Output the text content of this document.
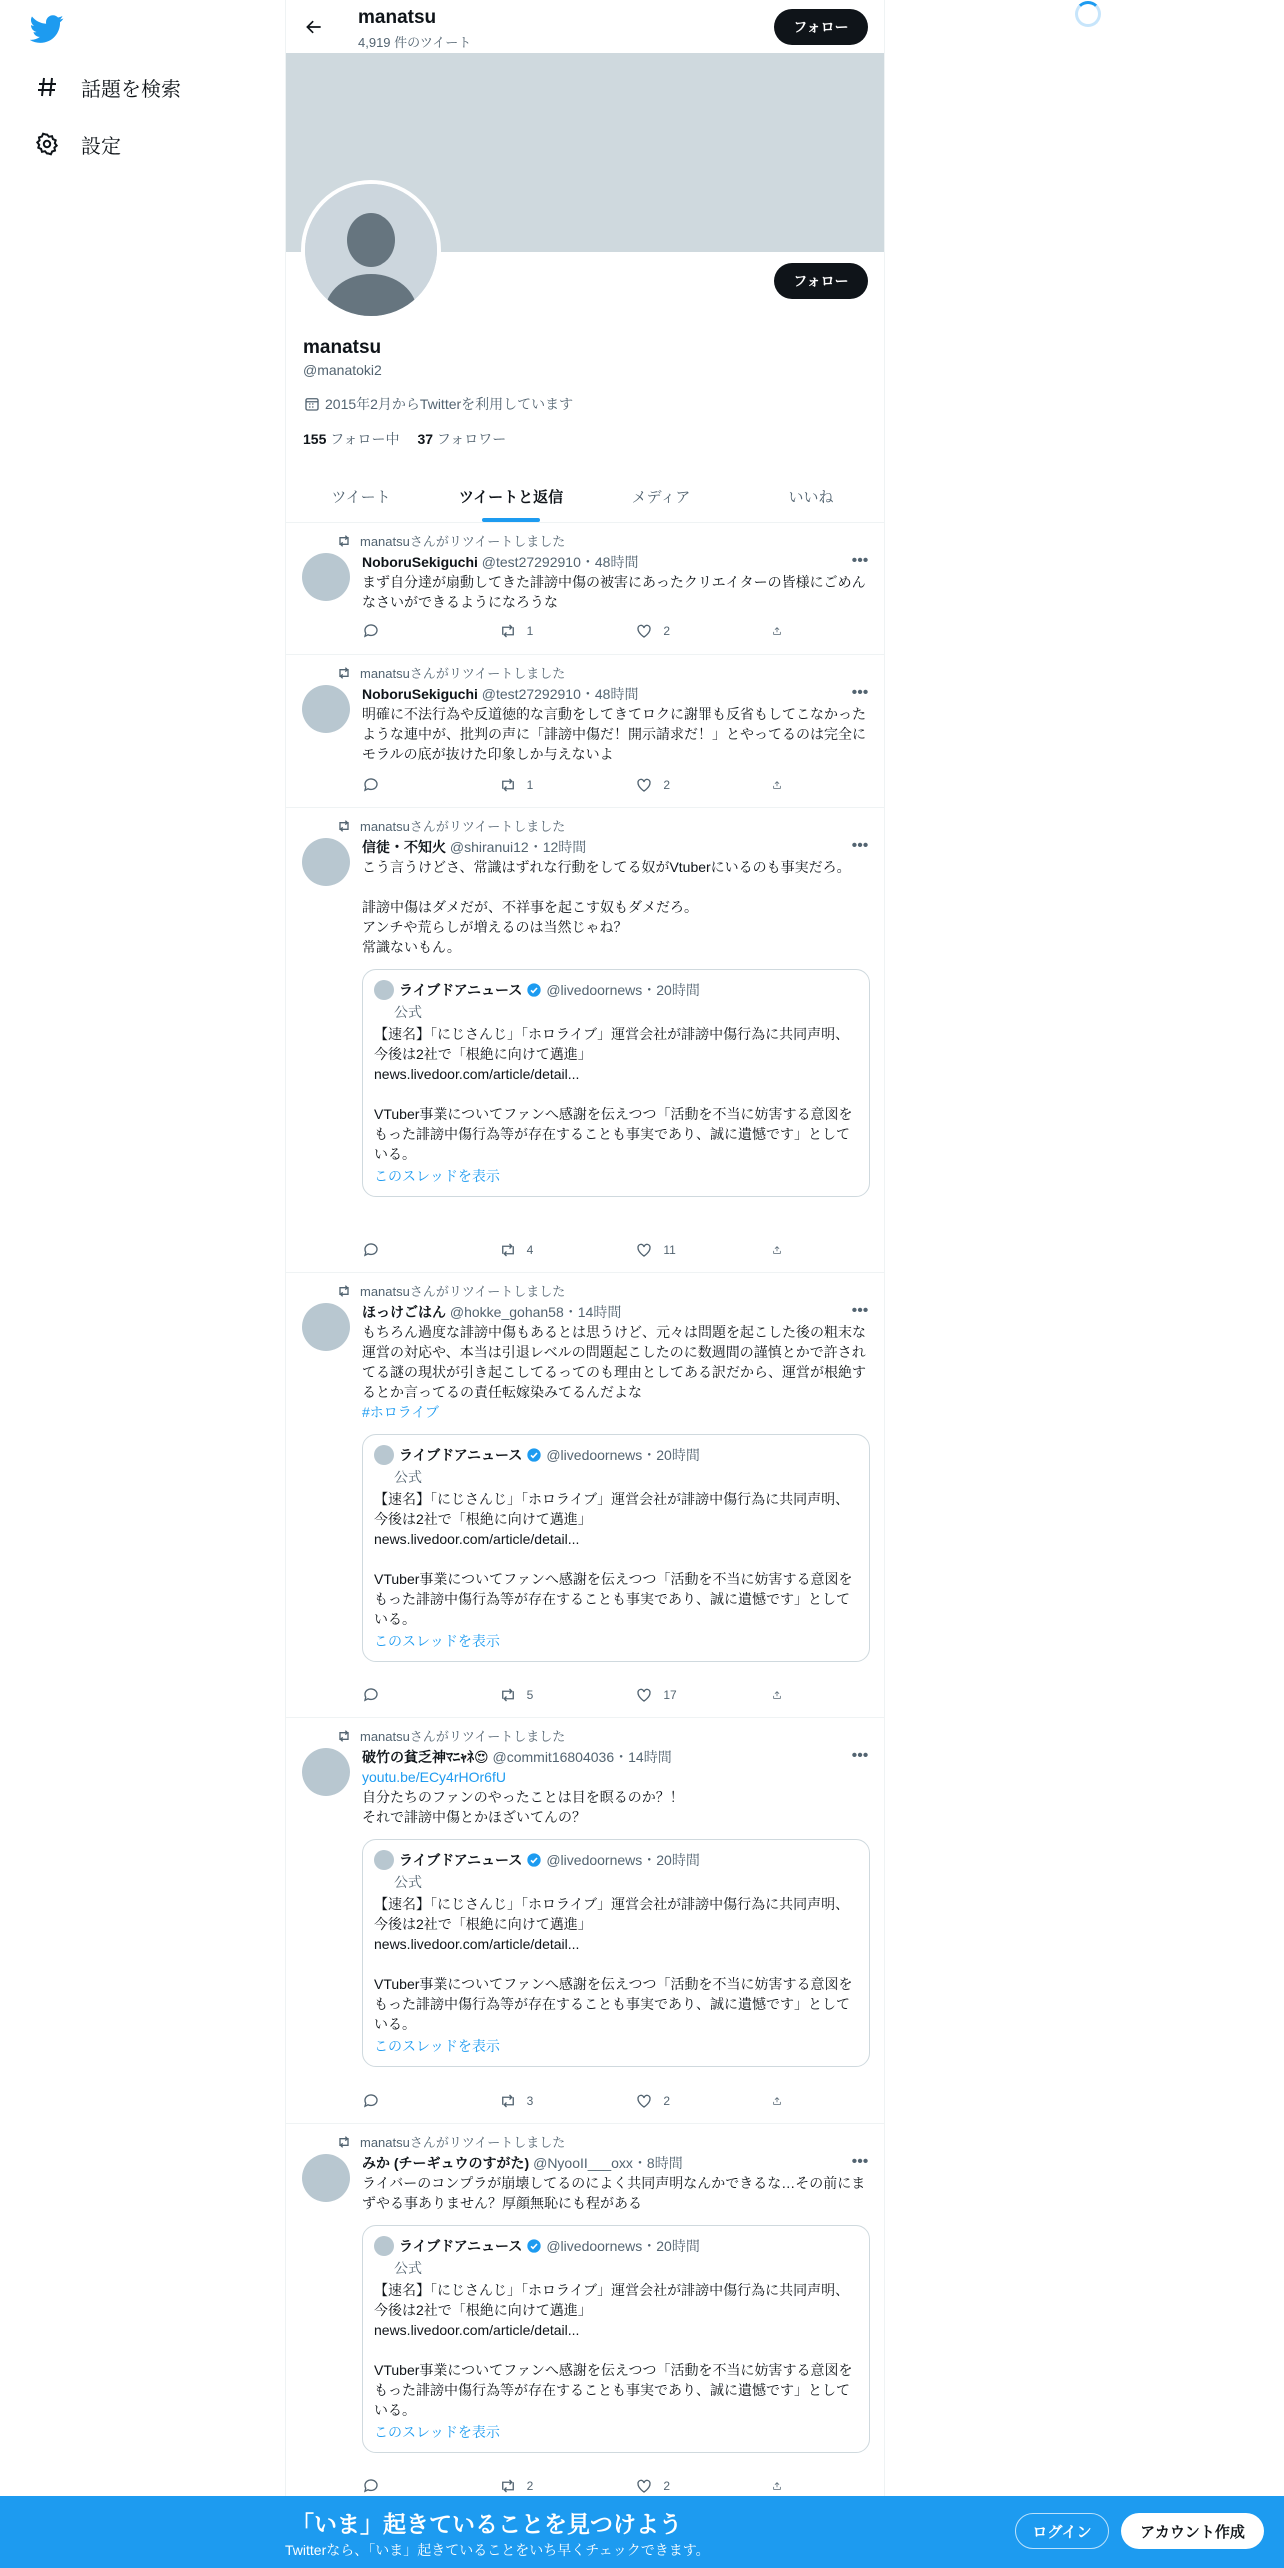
話題を検索
設定
manatsu
4,919 件のツイート
フォロー
フォロー
manatsu
@manatoki2
2015年2月からTwitterを利用しています
155 フォロー中 37 フォロワー
ツイート	ツイートと返信	メディア	いいね
manatsuさんがリツイートしました
NoboruSekiguchi @test27292910・48時間	•••

まず自分達が扇動してきた誹謗中傷の被害にあったクリエイターの皆様にごめんなさいができるようになろうな

1	2
manatsuさんがリツイートしました
NoboruSekiguchi @test27292910・48時間	•••

明確に不法行為や反道徳的な言動をしてきてロクに謝罪も反省もしてこなかったような連中が、批判の声に「誹謗中傷だ！開示請求だ！」とやってるのは完全にモラルの底が抜けた印象しか与えないよ

1	2
manatsuさんがリツイートしました
信徒・不知火 @shiranui12・12時間	•••

こう言うけどさ、常識はずれな行動をしてる奴がVtuberにいるのも事実だろ。

誹謗中傷はダメだが、不祥事を起こす奴もダメだろ。
アンチや荒らしが増えるのは当然じゃね？
常識ないもん。

ライブドアニュース @livedoornews ・20時間
公式
【速名】「にじさんじ」「ホロライブ」運営会社が誹謗中傷行為に共同声明、今後は2社で「根絶に向けて邁進」
news.livedoor.com/article/detail...

VTuber事業についてファンへ感謝を伝えつつ「活動を不当に妨害する意図をもった誹謗中傷行為等が存在することも事実であり、誠に遺憾です」としている。
このスレッドを表示
4	11
manatsuさんがリツイートしました
ほっけごはん @hokke_gohan58・14時間	•••

もちろん過度な誹謗中傷もあるとは思うけど、元々は問題を起こした後の粗末な運営の対応や、本当は引退レベルの問題起こしたのに数週間の謹慎とかで許されてる謎の現状が引き起こしてるってのも理由としてある訳だから、運営が根絶するとか言ってるの責任転嫁染みてるんだよな

#ホロライブ

ライブドアニュース @livedoornews ・20時間
公式
【速名】「にじさんじ」「ホロライブ」運営会社が誹謗中傷行為に共同声明、今後は2社で「根絶に向けて邁進」
news.livedoor.com/article/detail...

VTuber事業についてファンへ感謝を伝えつつ「活動を不当に妨害する意図をもった誹謗中傷行為等が存在することも事実であり、誠に遺憾です」としている。
このスレッドを表示
5	17
manatsuさんがリツイートしました
破竹の貧乏神ﾏﾆｬﾈ😍 @commit16804036・14時間	•••

youtu.be/ECy4rHOr6fU

自分たちのファンのやったことは目を瞑るのか？！
それで誹謗中傷とかほざいてんの？

ライブドアニュース @livedoornews ・20時間
公式
【速名】「にじさんじ」「ホロライブ」運営会社が誹謗中傷行為に共同声明、今後は2社で「根絶に向けて邁進」
news.livedoor.com/article/detail...

VTuber事業についてファンへ感謝を伝えつつ「活動を不当に妨害する意図をもった誹謗中傷行為等が存在することも事実であり、誠に遺憾です」としている。
このスレッドを表示
3	2
manatsuさんがリツイートしました
みか (チーギュウのすがた) @NyooII___oxx・8時間	•••

ライバーのコンプラが崩壊してるのによく共同声明なんかできるな…その前にまずやる事ありません？厚顔無恥にも程がある

ライブドアニュース @livedoornews ・20時間
公式
【速名】「にじさんじ」「ホロライブ」運営会社が誹謗中傷行為に共同声明、今後は2社で「根絶に向けて邁進」
news.livedoor.com/article/detail...

VTuber事業についてファンへ感謝を伝えつつ「活動を不当に妨害する意図をもった誹謗中傷行為等が存在することも事実であり、誠に遺憾です」としている。
このスレッドを表示
2	2
「いま」起きていることを見つけよう
Twitterなら、「いま」起きていることをいち早くチェックできます。
ログイン	アカウント作成
